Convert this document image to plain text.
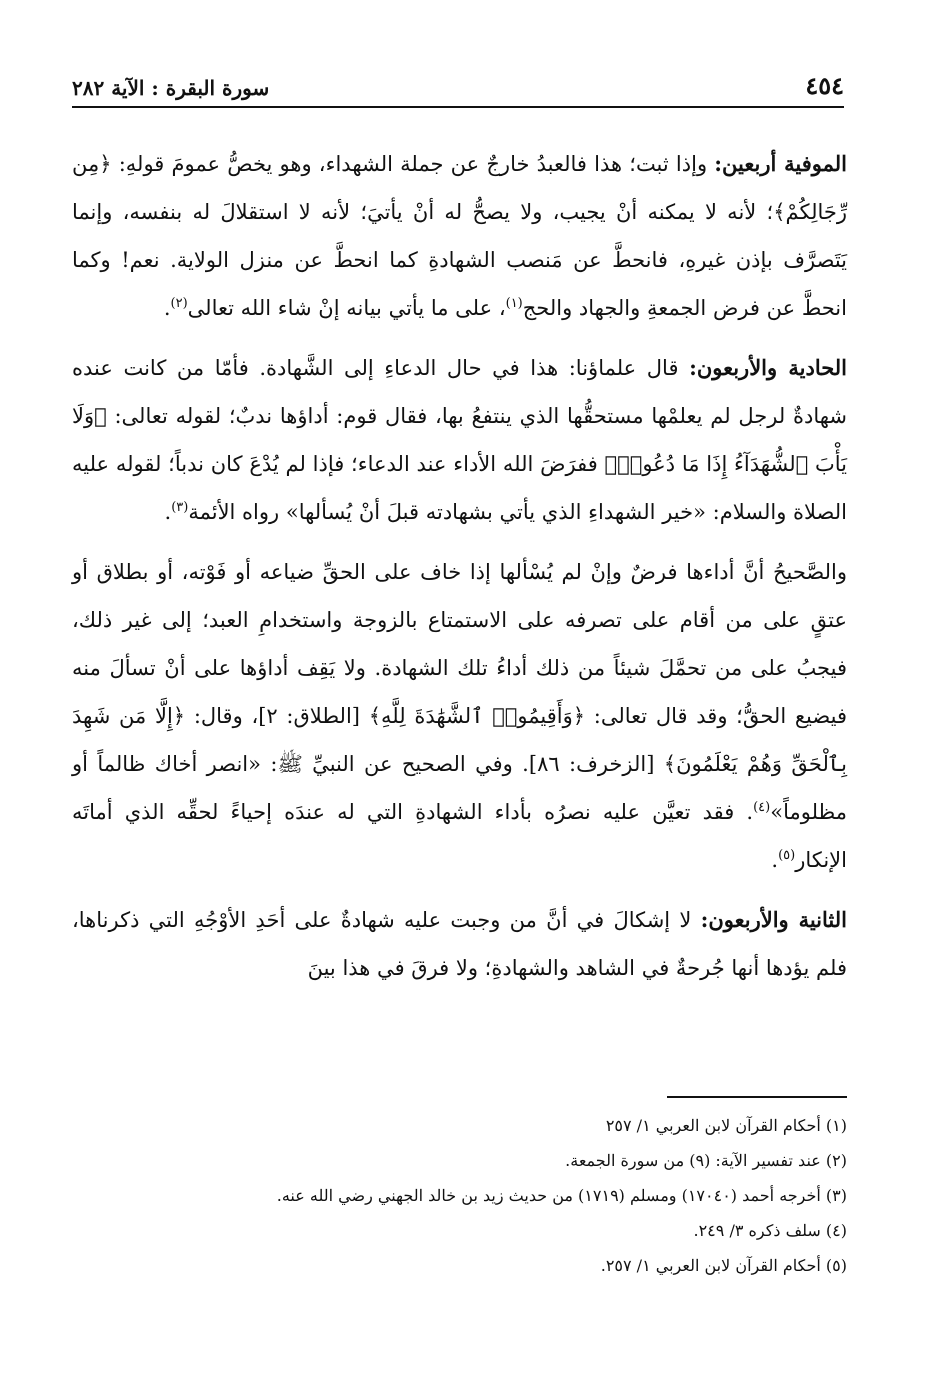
٤٥٤
سورة البقرة : الآية ٢٨٢

الموفية أربعين: وإذا ثبت؛ هذا فالعبدُ خارجٌ عن جملة الشهداء، وهو يخصُّ عمومَ قولهِ: ﴿مِن رِّجَالِكُمْ﴾؛ لأنه لا يمكنه أنْ يجيب، ولا يصحُّ له أنْ يأتيَ؛ لأنه لا استقلالَ له بنفسه، وإنما يَتَصرَّف بإذن غيرهِ، فانحطَّ عن مَنصب الشهادةِ كما انحطَّ عن منزل الولاية. نعم! وكما انحطَّ عن فرض الجمعةِ والجهاد والحج$^{(١)}$، على ما يأتي بيانه إنْ شاء الله تعالى$^{(٢)}$.

الحادية والأربعون: قال علماؤنا: هذا في حال الدعاءِ إلى الشَّهادة. فأمّا من كانت عنده شهادةٌ لرجل لم يعلمْها مستحقُّها الذي ينتفعُ بها، فقال قوم: أداؤها ندبٌ؛ لقوله تعالى: ﴿وَلَا يَأْبَ ٱلشُّهَدَآءُ إِذَا مَا دُعُوا۟﴾ ففرَضَ الله الأداء عند الدعاء؛ فإذا لم يُدْعَ كان ندباً؛ لقوله عليه الصلاة والسلام: «خير الشهداءِ الذي يأتي بشهادته قبلَ أنْ يُسألها» رواه الأئمة$^{(٣)}$.

والصَّحيحُ أنَّ أداءها فرضٌ وإنْ لم يُسْألها إذا خاف على الحقِّ ضياعه أو فَوْته، أو بطلاق أو عتقٍ على من أقام على تصرفه على الاستمتاع بالزوجة واستخدامِ العبد؛ إلى غير ذلك، فيجبُ على من تحمَّلَ شيئاً من ذلك أداءُ تلك الشهادة. ولا يَقِف أداؤها على أنْ تسألَ منه فيضيع الحقُّ؛ وقد قال تعالى: ﴿وَأَقِيمُوا۟ ٱلشَّهَٰدَةَ لِلَّهِ﴾ [الطلاق: ٢]، وقال: ﴿إِلَّا مَن شَهِدَ بِٱلْحَقِّ وَهُمْ يَعْلَمُونَ﴾ [الزخرف: ٨٦]. وفي الصحيح عن النبيِّ ﷺ: «انصر أخاك ظالماً أو مظلوماً»$^{(٤)}$. فقد تعيَّن عليه نصرُه بأداء الشهادةِ التي له عندَه إحياءً لحقِّه الذي أماتَه الإنكار$^{(٥)}$.

الثانية والأربعون: لا إشكالَ في أنَّ من وجبت عليه شهادةٌ على أحَدِ الأوْجُهِ التي ذكرناها، فلم يؤدها أنها جُرحةٌ في الشاهد والشهادةِ؛ ولا فرقَ في هذا بينَ

(١) أحكام القرآن لابن العربي ١/ ٢٥٧
(٢) عند تفسير الآية: (٩) من سورة الجمعة.
(٣) أخرجه أحمد (١٧٠٤٠) ومسلم (١٧١٩) من حديث زيد بن خالد الجهني رضي الله عنه.
(٤) سلف ذكره ٣/ ٢٤٩.
(٥) أحكام القرآن لابن العربي ١/ ٢٥٧.
